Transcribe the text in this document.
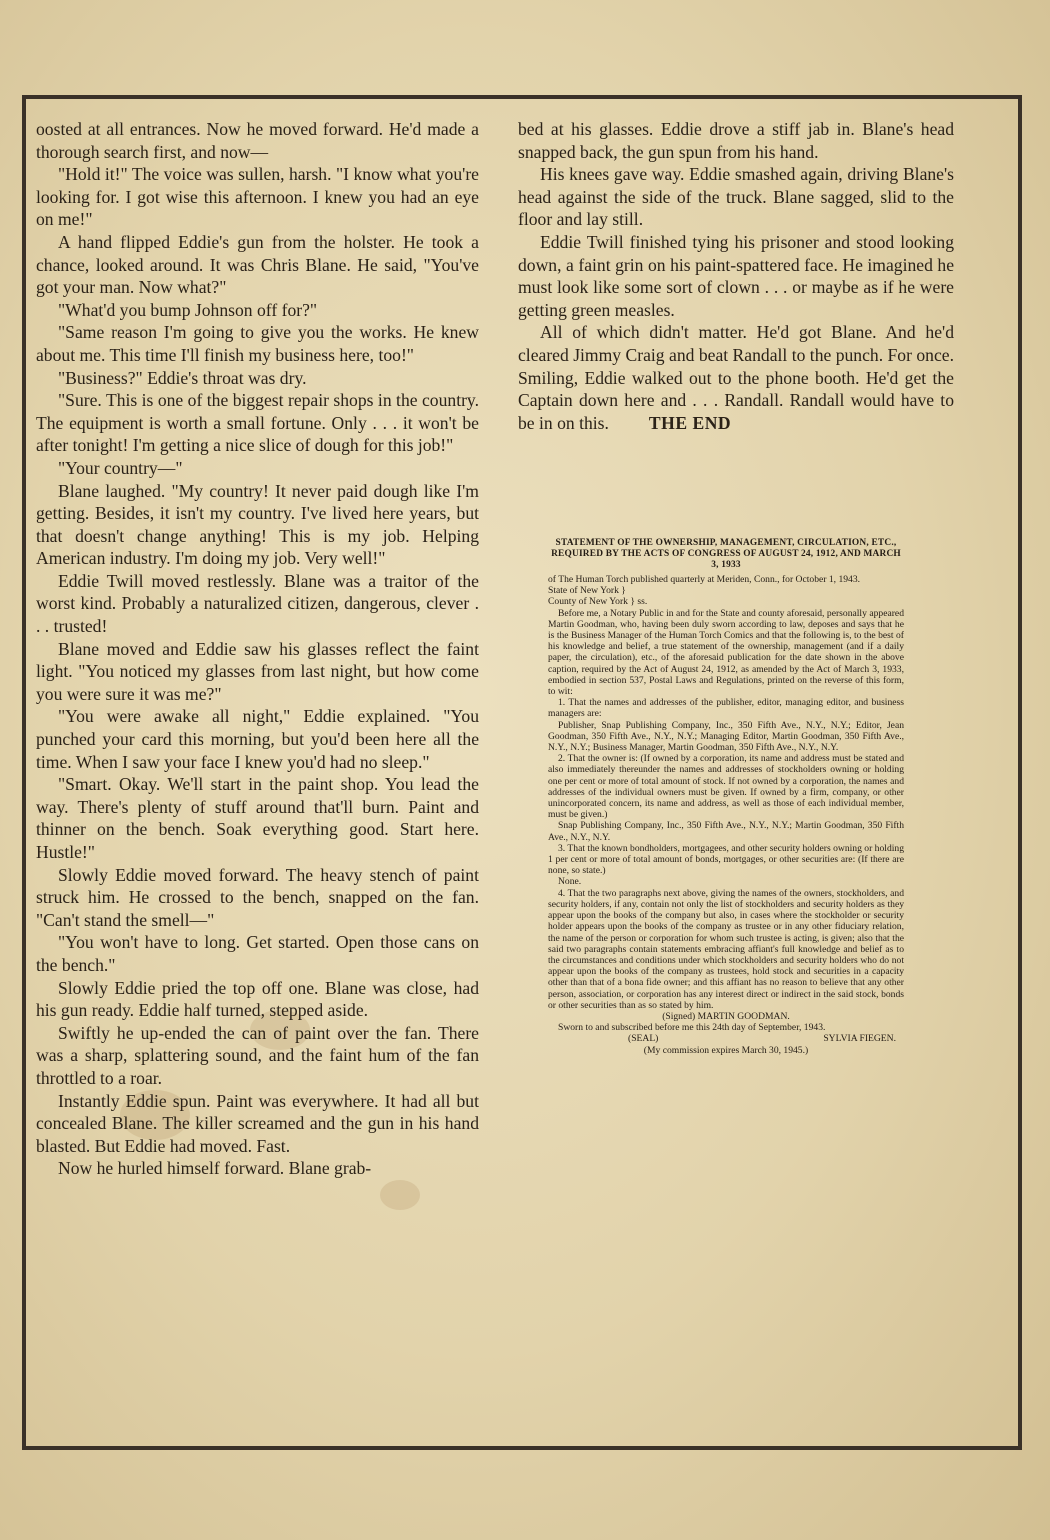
oosted at all entrances. Now he moved forward. He'd made a thorough search first, and now—

"Hold it!" The voice was sullen, harsh. "I know what you're looking for. I got wise this afternoon. I knew you had an eye on me!"

A hand flipped Eddie's gun from the holster. He took a chance, looked around. It was Chris Blane. He said, "You've got your man. Now what?"

"What'd you bump Johnson off for?"

"Same reason I'm going to give you the works. He knew about me. This time I'll finish my business here, too!"

"Business?" Eddie's throat was dry.

"Sure. This is one of the biggest repair shops in the country. The equipment is worth a small fortune. Only . . . it won't be after tonight! I'm getting a nice slice of dough for this job!"

"Your country—"

Blane laughed. "My country! It never paid dough like I'm getting. Besides, it isn't my country. I've lived here years, but that doesn't change anything! This is my job. Helping American industry. I'm doing my job. Very well!"

Eddie Twill moved restlessly. Blane was a traitor of the worst kind. Probably a naturalized citizen, dangerous, clever . . . trusted!

Blane moved and Eddie saw his glasses reflect the faint light. "You noticed my glasses from last night, but how come you were sure it was me?"

"You were awake all night," Eddie explained. "You punched your card this morning, but you'd been here all the time. When I saw your face I knew you'd had no sleep."

"Smart. Okay. We'll start in the paint shop. You lead the way. There's plenty of stuff around that'll burn. Paint and thinner on the bench. Soak everything good. Start here. Hustle!"

Slowly Eddie moved forward. The heavy stench of paint struck him. He crossed to the bench, snapped on the fan. "Can't stand the smell—"

"You won't have to long. Get started. Open those cans on the bench."

Slowly Eddie pried the top off one. Blane was close, had his gun ready. Eddie half turned, stepped aside.

Swiftly he up-ended the can of paint over the fan. There was a sharp, splattering sound, and the faint hum of the fan throttled to a roar.

Instantly Eddie spun. Paint was everywhere. It had all but concealed Blane. The killer screamed and the gun in his hand blasted. But Eddie had moved. Fast.

Now he hurled himself forward. Blane grab-

bed at his glasses. Eddie drove a stiff jab in. Blane's head snapped back, the gun spun from his hand.

His knees gave way. Eddie smashed again, driving Blane's head against the side of the truck. Blane sagged, slid to the floor and lay still.

Eddie Twill finished tying his prisoner and stood looking down, a faint grin on his paint-spattered face. He imagined he must look like some sort of clown . . . or maybe as if he were getting green measles.

All of which didn't matter. He'd got Blane. And he'd cleared Jimmy Craig and beat Randall to the punch. For once. Smiling, Eddie walked out to the phone booth. He'd get the Captain down here and . . . Randall. Randall would have to be in on this. THE END

STATEMENT OF THE OWNERSHIP, MANAGEMENT, CIRCULATION, ETC., REQUIRED BY THE ACTS OF CONGRESS OF AUGUST 24, 1912, AND MARCH 3, 1933

of The Human Torch published quarterly at Meriden, Conn., for October 1, 1943.

State of New York }

County of New York } ss.

Before me, a Notary Public in and for the State and county aforesaid, personally appeared Martin Goodman, who, having been duly sworn according to law, deposes and says that he is the Business Manager of the Human Torch Comics and that the following is, to the best of his knowledge and belief, a true statement of the ownership, management (and if a daily paper, the circulation), etc., of the aforesaid publication for the date shown in the above caption, required by the Act of August 24, 1912, as amended by the Act of March 3, 1933, embodied in section 537, Postal Laws and Regulations, printed on the reverse of this form, to wit:

1. That the names and addresses of the publisher, editor, managing editor, and business managers are:

Publisher, Snap Publishing Company, Inc., 350 Fifth Ave., N.Y., N.Y.; Editor, Jean Goodman, 350 Fifth Ave., N.Y., N.Y.; Managing Editor, Martin Goodman, 350 Fifth Ave., N.Y., N.Y.; Business Manager, Martin Goodman, 350 Fifth Ave., N.Y., N.Y.

2. That the owner is: (If owned by a corporation, its name and address must be stated and also immediately thereunder the names and addresses of stockholders owning or holding one per cent or more of total amount of stock. If not owned by a corporation, the names and addresses of the individual owners must be given. If owned by a firm, company, or other unincorporated concern, its name and address, as well as those of each individual member, must be given.)

Snap Publishing Company, Inc., 350 Fifth Ave., N.Y., N.Y.; Martin Goodman, 350 Fifth Ave., N.Y., N.Y.

3. That the known bondholders, mortgagees, and other security holders owning or holding 1 per cent or more of total amount of bonds, mortgages, or other securities are: (If there are none, so state.)

None.

4. That the two paragraphs next above, giving the names of the owners, stockholders, and security holders, if any, contain not only the list of stockholders and security holders as they appear upon the books of the company but also, in cases where the stockholder or security holder appears upon the books of the company as trustee or in any other fiduciary relation, the name of the person or corporation for whom such trustee is acting, is given; also that the said two paragraphs contain statements embracing affiant's full knowledge and belief as to the circumstances and conditions under which stockholders and security holders who do not appear upon the books of the company as trustees, hold stock and securities in a capacity other than that of a bona fide owner; and this affiant has no reason to believe that any other person, association, or corporation has any interest direct or indirect in the said stock, bonds or other securities than as so stated by him.

(Signed) MARTIN GOODMAN.

Sworn to and subscribed before me this 24th day of September, 1943.

(SEAL)	SYLVIA FIEGEN.

(My commission expires March 30, 1945.)
